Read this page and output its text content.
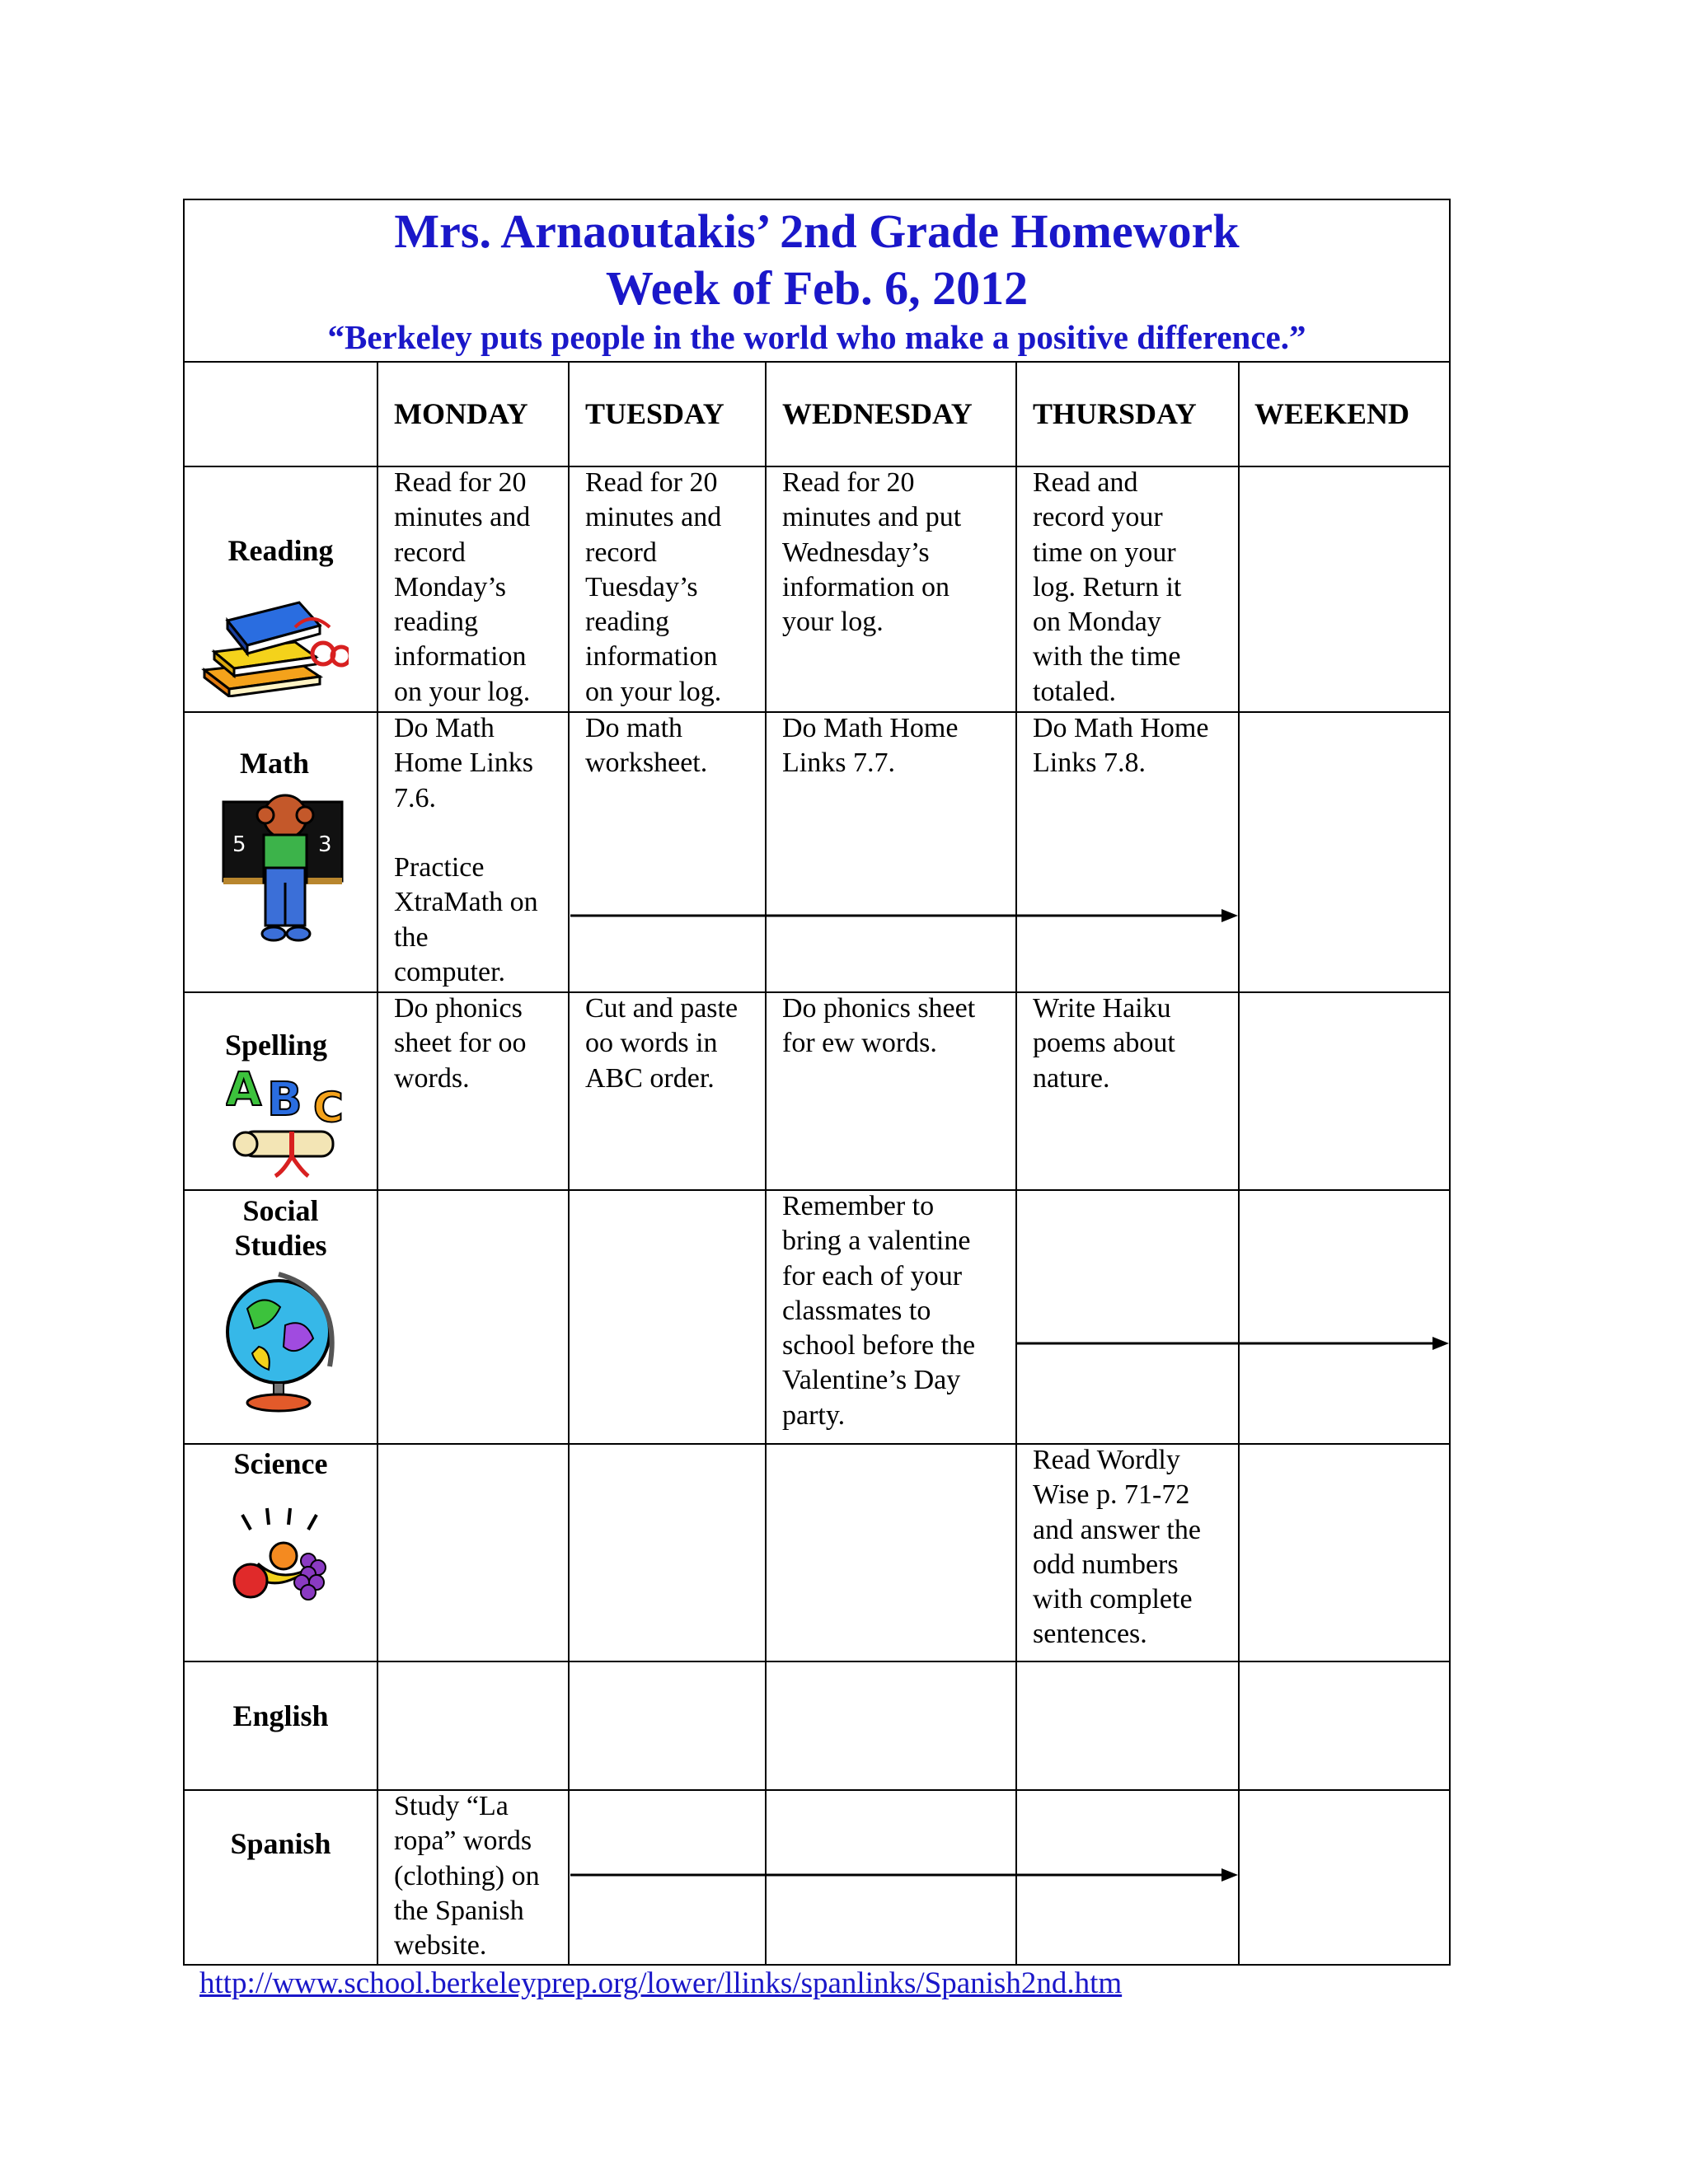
Mrs. Arnaoutakis’ 2nd Grade Homework
Week of Feb. 6, 2012
“Berkeley puts people in the world who make a positive difference.”
MONDAY TUESDAY WEDNESDAY THURSDAY WEEKEND
Reading
Math
Spelling
Social
Studies
Science
English
Spanish
5	3
A B C
Read for 20
minutes and
record
Monday’s
reading
information
on your log.
Read for 20
minutes and
record
Tuesday’s
reading
information
on your log.
Read for 20
minutes and put
Wednesday’s
information on
your log.
Read and
record your
time on your
log. Return it
on Monday
with the time
totaled.
Do Math
Home Links
7.6.

Practice
XtraMath on
the
computer.
Do math
worksheet.
Do Math Home
Links 7.7.
Do Math Home
Links 7.8.
Do phonics
sheet for oo
words.
Cut and paste
oo words in
ABC order.
Do phonics sheet
for ew words.
Write Haiku
poems about
nature.
Remember to
bring a valentine
for each of your
classmates to
school before the
Valentine’s Day
party.
Read Wordly
Wise p. 71-72
and answer the
odd numbers
with complete
sentences.
Study “La
ropa” words
(clothing) on
the Spanish
website.
http://www.school.berkeleyprep.org/lower/llinks/spanlinks/Spanish2nd.htm
